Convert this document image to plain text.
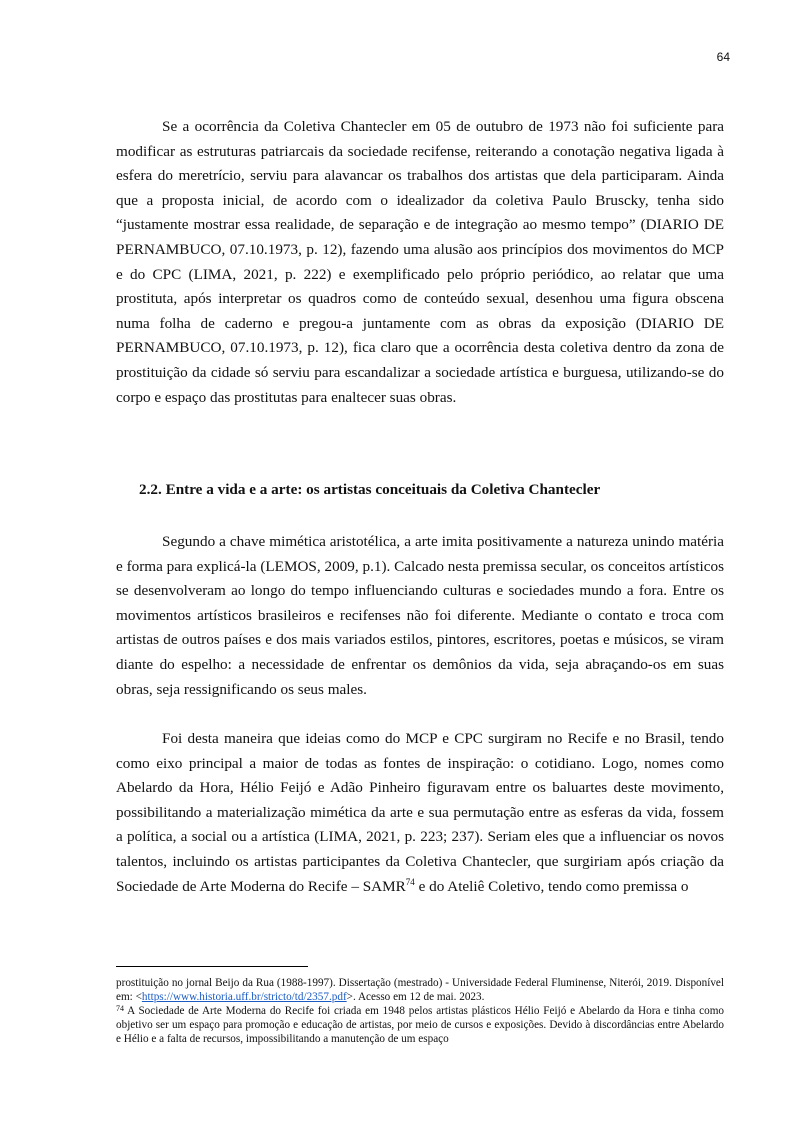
64

Se a ocorrência da Coletiva Chantecler em 05 de outubro de 1973 não foi suficiente para modificar as estruturas patriarcais da sociedade recifense, reiterando a conotação negativa ligada à esfera do meretrício, serviu para alavancar os trabalhos dos artistas que dela participaram. Ainda que a proposta inicial, de acordo com o idealizador da coletiva Paulo Bruscky, tenha sido “justamente mostrar essa realidade, de separação e de integração ao mesmo tempo” (DIARIO DE PERNAMBUCO, 07.10.1973, p. 12), fazendo uma alusão aos princípios dos movimentos do MCP e do CPC (LIMA, 2021, p. 222) e exemplificado pelo próprio periódico, ao relatar que uma prostituta, após interpretar os quadros como de conteúdo sexual, desenhou uma figura obscena numa folha de caderno e pregou-a juntamente com as obras da exposição (DIARIO DE PERNAMBUCO, 07.10.1973, p. 12), fica claro que a ocorrência desta coletiva dentro da zona de prostituição da cidade só serviu para escandalizar a sociedade artística e burguesa, utilizando-se do corpo e espaço das prostitutas para enaltecer suas obras.

2.2. Entre a vida e a arte: os artistas conceituais da Coletiva Chantecler

Segundo a chave mimética aristotélica, a arte imita positivamente a natureza unindo matéria e forma para explicá-la (LEMOS, 2009, p.1). Calcado nesta premissa secular, os conceitos artísticos se desenvolveram ao longo do tempo influenciando culturas e sociedades mundo a fora. Entre os movimentos artísticos brasileiros e recifenses não foi diferente. Mediante o contato e troca com artistas de outros países e dos mais variados estilos, pintores, escritores, poetas e músicos, se viram diante do espelho: a necessidade de enfrentar os demônios da vida, seja abraçando-os em suas obras, seja ressignificando os seus males.

Foi desta maneira que ideias como do MCP e CPC surgiram no Recife e no Brasil, tendo como eixo principal a maior de todas as fontes de inspiração: o cotidiano. Logo, nomes como Abelardo da Hora, Hélio Feijó e Adão Pinheiro figuravam entre os baluartes deste movimento, possibilitando a materialização mimética da arte e sua permutação entre as esferas da vida, fossem a política, a social ou a artística (LIMA, 2021, p. 223; 237). Seriam eles que a influenciar os novos talentos, incluindo os artistas participantes da Coletiva Chantecler, que surgiriam após criação da Sociedade de Arte Moderna do Recife – SAMR$^{74}$ e do Ateliê Coletivo, tendo como premissa o

prostituição no jornal Beijo da Rua (1988-1997). Dissertação (mestrado) - Universidade Federal Fluminense, Niterói, 2019. Disponível em: <https://www.historia.uff.br/stricto/td/2357.pdf>. Acesso em 12 de mai. 2023.

$^{74}$ A Sociedade de Arte Moderna do Recife foi criada em 1948 pelos artistas plásticos Hélio Feijó e Abelardo da Hora e tinha como objetivo ser um espaço para promoção e educação de artistas, por meio de cursos e exposições. Devido à discordâncias entre Abelardo e Hélio e a falta de recursos, impossibilitando a manutenção de um espaço
